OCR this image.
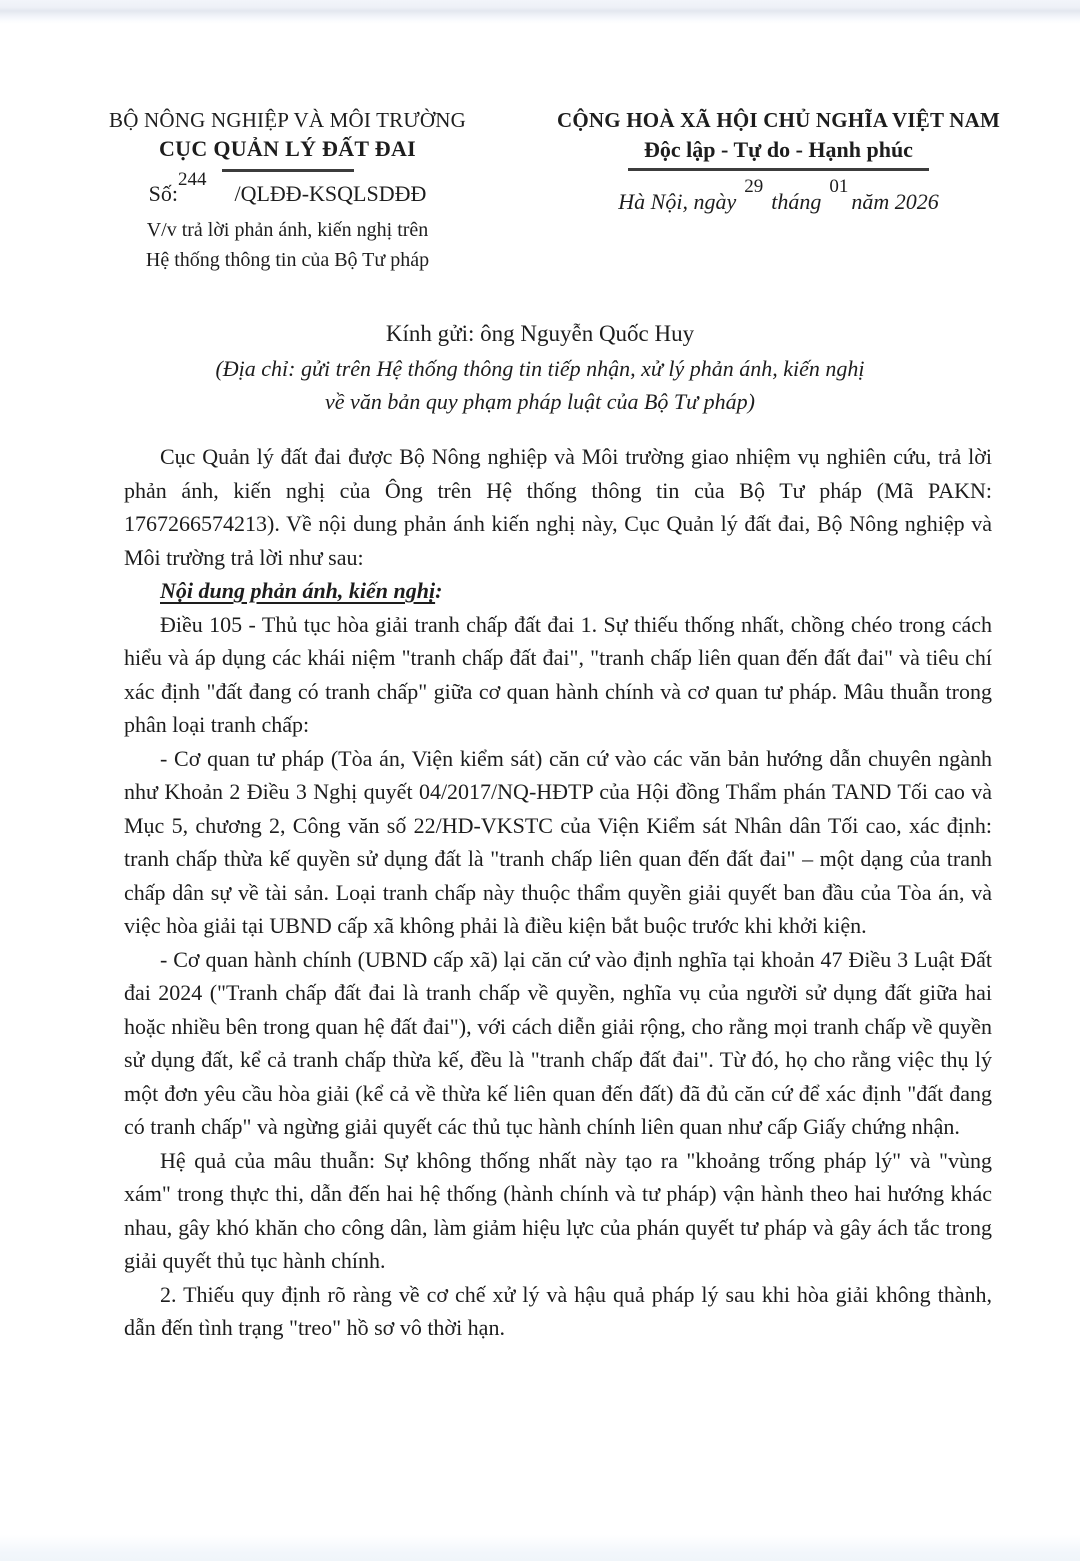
BỘ NÔNG NGHIỆP VÀ MÔI TRƯỜNG
CỤC QUẢN LÝ ĐẤT ĐAI
Số:$^{244}$/QLĐĐ-KSQLSDĐĐ
V/v trả lời phản ánh, kiến nghị trên
Hệ thống thông tin của Bộ Tư pháp
CỘNG HOÀ XÃ HỘI CHỦ NGHĨA VIỆT NAM
Độc lập - Tự do - Hạnh phúc
Hà Nội, ngày$^{29}$tháng$^{01}$năm 2026
Kính gửi: ông Nguyễn Quốc Huy
(Địa chỉ: gửi trên Hệ thống thông tin tiếp nhận, xử lý phản ánh, kiến nghị
về văn bản quy phạm pháp luật của Bộ Tư pháp)

Cục Quản lý đất đai được Bộ Nông nghiệp và Môi trường giao nhiệm vụ nghiên cứu, trả lời phản ánh, kiến nghị của Ông trên Hệ thống thông tin của Bộ Tư pháp (Mã PAKN: 1767266574213). Về nội dung phản ánh kiến nghị này, Cục Quản lý đất đai, Bộ Nông nghiệp và Môi trường trả lời như sau:

Nội dung phản ánh, kiến nghị:

Điều 105 - Thủ tục hòa giải tranh chấp đất đai 1. Sự thiếu thống nhất, chồng chéo trong cách hiểu và áp dụng các khái niệm "tranh chấp đất đai", "tranh chấp liên quan đến đất đai" và tiêu chí xác định "đất đang có tranh chấp" giữa cơ quan hành chính và cơ quan tư pháp. Mâu thuẫn trong phân loại tranh chấp:

- Cơ quan tư pháp (Tòa án, Viện kiểm sát) căn cứ vào các văn bản hướng dẫn chuyên ngành như Khoản 2 Điều 3 Nghị quyết 04/2017/NQ-HĐTP của Hội đồng Thẩm phán TAND Tối cao và Mục 5, chương 2, Công văn số 22/HD-VKSTC của Viện Kiểm sát Nhân dân Tối cao, xác định: tranh chấp thừa kế quyền sử dụng đất là "tranh chấp liên quan đến đất đai" – một dạng của tranh chấp dân sự về tài sản. Loại tranh chấp này thuộc thẩm quyền giải quyết ban đầu của Tòa án, và việc hòa giải tại UBND cấp xã không phải là điều kiện bắt buộc trước khi khởi kiện.

- Cơ quan hành chính (UBND cấp xã) lại căn cứ vào định nghĩa tại khoản 47 Điều 3 Luật Đất đai 2024 ("Tranh chấp đất đai là tranh chấp về quyền, nghĩa vụ của người sử dụng đất giữa hai hoặc nhiều bên trong quan hệ đất đai"), với cách diễn giải rộng, cho rằng mọi tranh chấp về quyền sử dụng đất, kể cả tranh chấp thừa kế, đều là "tranh chấp đất đai". Từ đó, họ cho rằng việc thụ lý một đơn yêu cầu hòa giải (kể cả về thừa kế liên quan đến đất) đã đủ căn cứ để xác định "đất đang có tranh chấp" và ngừng giải quyết các thủ tục hành chính liên quan như cấp Giấy chứng nhận.

Hệ quả của mâu thuẫn: Sự không thống nhất này tạo ra "khoảng trống pháp lý" và "vùng xám" trong thực thi, dẫn đến hai hệ thống (hành chính và tư pháp) vận hành theo hai hướng khác nhau, gây khó khăn cho công dân, làm giảm hiệu lực của phán quyết tư pháp và gây ách tắc trong giải quyết thủ tục hành chính.

2. Thiếu quy định rõ ràng về cơ chế xử lý và hậu quả pháp lý sau khi hòa giải không thành, dẫn đến tình trạng "treo" hồ sơ vô thời hạn.
